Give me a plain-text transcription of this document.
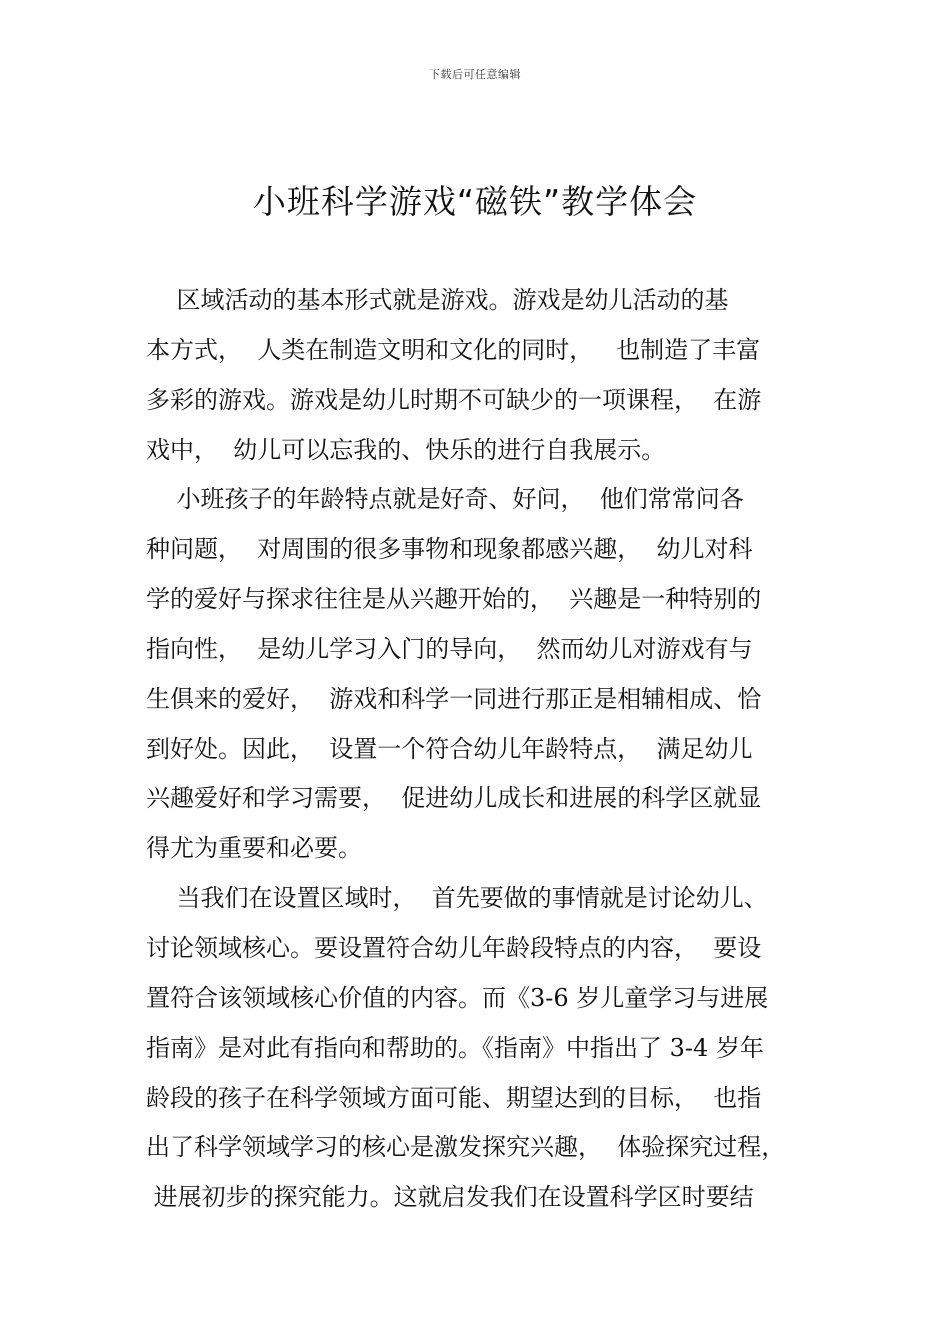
下载后可任意编辑
小班科学游戏“磁铁”教学体会
区域活动的基本形式就是游戏。游戏是幼儿活动的基
本方式，  人类在制造文明和文化的同时，   也制造了丰富
多彩的游戏。游戏是幼儿时期不可缺少的一项课程，  在游
戏中，  幼儿可以忘我的、快乐的进行自我展示。
小班孩子的年龄特点就是好奇、好问，  他们常常问各
种问题，  对周围的很多事物和现象都感兴趣，  幼儿对科
学的爱好与探求往往是从兴趣开始的，  兴趣是一种特别的
指向性，  是幼儿学习入门的导向，  然而幼儿对游戏有与
生俱来的爱好，  游戏和科学一同进行那正是相辅相成、恰
到好处。因此，  设置一个符合幼儿年龄特点，  满足幼儿
兴趣爱好和学习需要，  促进幼儿成长和进展的科学区就显
得尤为重要和必要。
当我们在设置区域时，  首先要做的事情就是讨论幼儿、
讨论领域核心。要设置符合幼儿年龄段特点的内容，  要设
置符合该领域核心价值的内容。而《3-6 岁儿童学习与进展
指南》是对此有指向和帮助的。《指南》中指出了 3-4 岁年
龄段的孩子在科学领域方面可能、期望达到的目标，  也指
出了科学领域学习的核心是激发探究兴趣，  体验探究过程，
进展初步的探究能力。这就启发我们在设置科学区时要结
